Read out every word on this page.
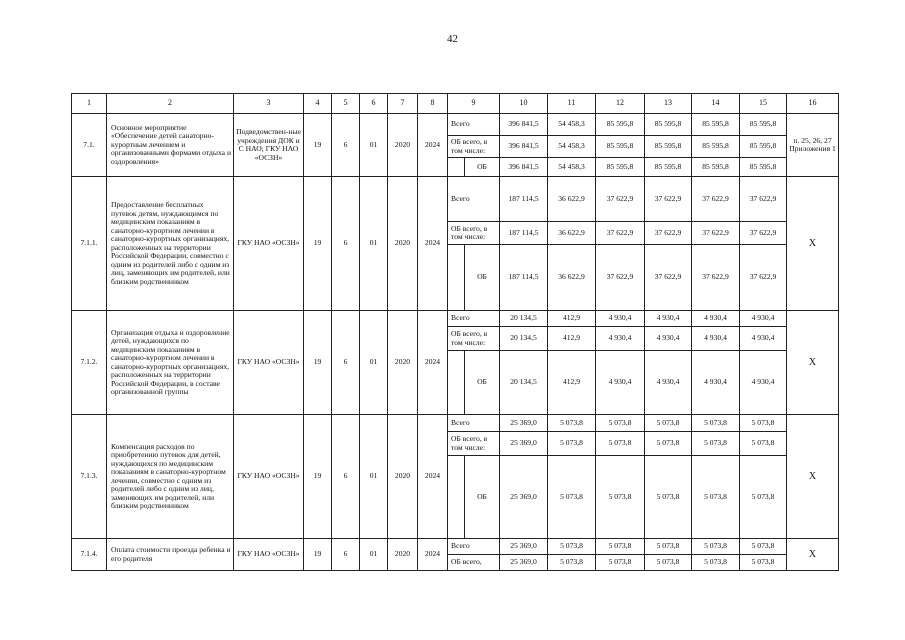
42
1	2	3	4	5	6	7	8	9		10	11	12	13	14	15	16
7.1.	Основное мероприятие «Обеспечение детей санаторно-курортным лечением и организованными формами отдыха и оздоровления»	Подведомствен-ные учреждения ДОК и С НАО; ГКУ НАО «ОСЗН»	19	6	01	2020	2024	Всего		396 841,5	54 458,3	85 595,8	85 595,8	85 595,8	85 595,8	п. 25, 26, 27 Приложения 1
								ОБ всего, в том числе:		396 841,5	54 458,3	85 595,8	85 595,8	85 595,8	85 595,8	
									ОБ	396 841,5	54 458,3	85 595,8	85 595,8	85 595,8	85 595,8	
7.1.1.	Предоставление бесплатных путевок детям, нуждающимся по медицинским показаниям в санаторно-курортном лечении в санаторно-курортных организациях, расположенных на территории Российской Федерации, совместно с одним из родителей либо с одним из лиц, заменяющих им родителей, или близким родственником	ГКУ НАО «ОСЗН»	19	6	01	2020	2024	Всего		187 114,5	36 622,9	37 622,9	37 622,9	37 622,9	37 622,9	X
								ОБ всего, в том числе:		187 114,5	36 622,9	37 622,9	37 622,9	37 622,9	37 622,9	
									ОБ	187 114,5	36 622,9	37 622,9	37 622,9	37 622,9	37 622,9	
7.1.2.	Организация отдыха и оздоровление детей, нуждающихся по медицинским показаниям в санаторно-курортном лечении в санаторно-курортных организациях, расположенных на территории Российской Федерации, в составе организованной группы	ГКУ НАО «ОСЗН»	19	6	01	2020	2024	Всего		20 134,5	412,9	4 930,4	4 930,4	4 930,4	4 930,4	X
								ОБ всего, в том числе:		20 134,5	412,9	4 930,4	4 930,4	4 930,4	4 930,4	
									ОБ	20 134,5	412,9	4 930,4	4 930,4	4 930,4	4 930,4	
7.1.3.	Компенсация расходов по приобретению путевок для детей, нуждающихся по медицинским показаниям в санаторно-курортном лечении, совместно с одним из родителей либо с одним из лиц, заменяющих им родителей, или близким родственником	ГКУ НАО «ОСЗН»	19	6	01	2020	2024	Всего		25 369,0	5 073,8	5 073,8	5 073,8	5 073,8	5 073,8	X
								ОБ всего, в том числе:		25 369,0	5 073,8	5 073,8	5 073,8	5 073,8	5 073,8	
									ОБ	25 369,0	5 073,8	5 073,8	5 073,8	5 073,8	5 073,8	
7.1.4.	Оплата стоимости проезда ребенка и его родителя	ГКУ НАО «ОСЗН»	19	6	01	2020	2024	Всего		25 369,0	5 073,8	5 073,8	5 073,8	5 073,8	5 073,8	X
								ОБ всего,		25 369,0	5 073,8	5 073,8	5 073,8	5 073,8	5 073,8	
